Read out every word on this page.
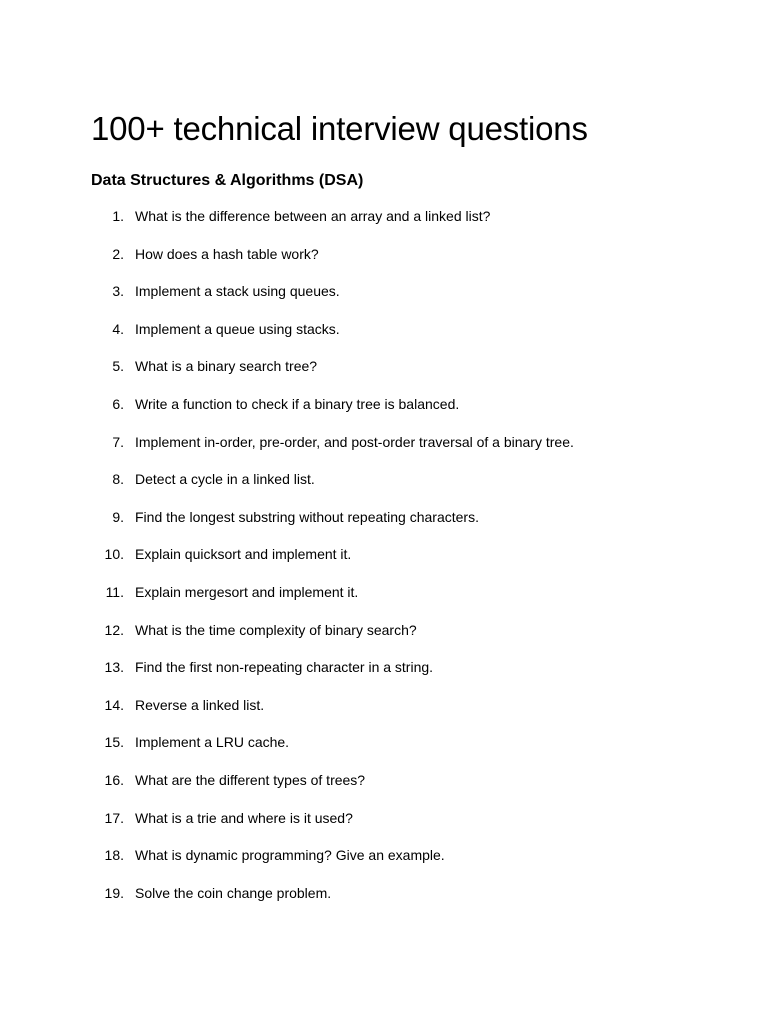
100+ technical interview questions
Data Structures & Algorithms (DSA)
1. What is the difference between an array and a linked list?
2. How does a hash table work?
3. Implement a stack using queues.
4. Implement a queue using stacks.
5. What is a binary search tree?
6. Write a function to check if a binary tree is balanced.
7. Implement in-order, pre-order, and post-order traversal of a binary tree.
8. Detect a cycle in a linked list.
9. Find the longest substring without repeating characters.
10. Explain quicksort and implement it.
11. Explain mergesort and implement it.
12. What is the time complexity of binary search?
13. Find the first non-repeating character in a string.
14. Reverse a linked list.
15. Implement a LRU cache.
16. What are the different types of trees?
17. What is a trie and where is it used?
18. What is dynamic programming? Give an example.
19. Solve the coin change problem.
